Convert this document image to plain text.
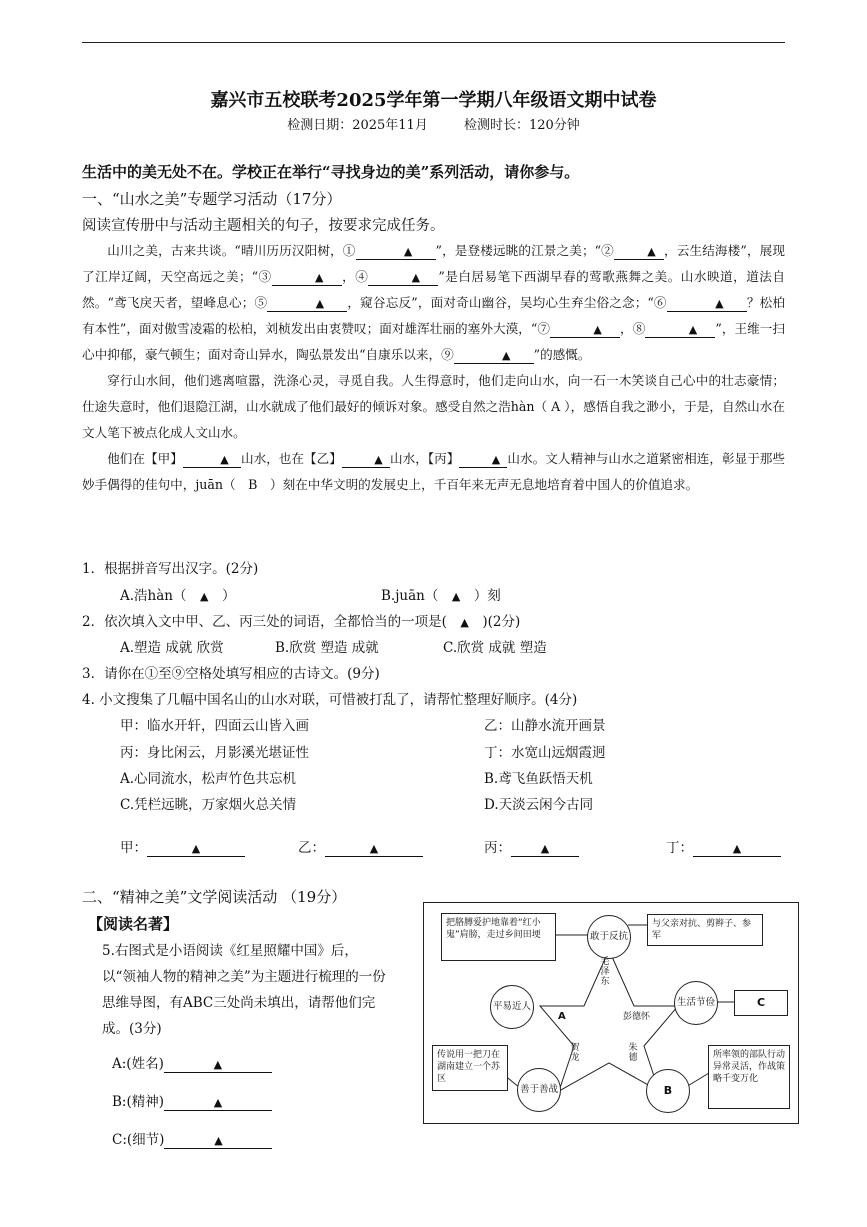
嘉兴市五校联考2025学年第一学期八年级语文期中试卷
检测日期：2025年11月	检测时长：120分钟
生活中的美无处不在。学校正在举行“寻找身边的美”系列活动，请你参与。
一、“山水之美”专题学习活动（17分）
阅读宣传册中与活动主题相关的句子，按要求完成任务。

山川之美，古来共谈。“晴川历历汉阳树，①	▲ ”，是登楼远眺的江景之美；“②	▲ ，云生结海楼”，展现了江岸辽阔，天空高远之美；“③	▲ ，④	▲ ”是白居易笔下西湖早春的莺歌燕舞之美。山水映道，道法自然。“鸢飞戾天者，望峰息心；⑤	▲ ，窥谷忘反”，面对奇山幽谷，吴均心生弃尘俗之念；“⑥	▲ ？松柏有本性”，面对傲雪凌霜的松柏，刘桢发出由衷赞叹；面对雄浑壮丽的塞外大漠，“⑦	▲ ，⑧	▲ ”，王维一扫心中抑郁，豪气顿生；面对奇山异水，陶弘景发出“自康乐以来，⑨	▲ ”的感慨。

穿行山水间，他们逃离喧嚣，洗涤心灵，寻觅自我。人生得意时，他们走向山水，向一石一木笑谈自己心中的壮志豪情；仕途失意时，他们退隐江湖，山水就成了他们最好的倾诉对象。感受自然之浩hàn（ A ），感悟自我之渺小，于是，自然山水在文人笔下被点化成人文山水。

他们在【甲】	▲ 山水，也在【乙】	▲ 山水，【丙】	▲ 山水。文人精神与山水之道紧密相连，彰显于那些妙手偶得的佳句中，juān（　B　）刻在中华文明的发展史上，千百年来无声无息地培育着中国人的价值追求。

1．根据拼音写出汉字。(2分)
A.浩hàn（　 ▲　）	B.juān（　 ▲　 ）刻
2．依次填入文中甲、乙、丙三处的词语，全都恰当的一项是(　 ▲　 )(2分)
A.塑造 成就 欣赏	B.欣赏 塑造 成就	C.欣赏 成就 塑造
3．请你在①至⑨空格处填写相应的古诗文。(9分)
4. 小文搜集了几幅中国名山的山水对联，可惜被打乱了，请帮忙整理好顺序。(4分)
甲：临水开轩，四面云山皆入画	乙：山静水流开画景
丙：身比闲云，月影溪光堪证性	丁：水宽山远烟霞迥
A.心同流水，松声竹色共忘机	B.鸢飞鱼跃悟天机
C.凭栏远眺，万家烟火总关情	D.天淡云闲今古同
甲：	▲	乙：	▲	丙：	▲	丁：	▲
二、“精神之美”文学阅读活动 （19分）
【阅读名著】
5.右图式是小语阅读《红星照耀中国》后，以“领袖人物的精神之美”为主题进行梳理的一份思维导图，有ABC三处尚未填出，请帮他们完成。(3分)
A:(姓名)	▲
B:(精神)	▲
C:(细节)	▲
把胳膊爱护地靠着“红小鬼”肩膀，走过乡间田埂	敢于反抗
与父亲对抗、剪辫子、参军
平易近人	生活节俭	C
传说用一把刀在湖南建立一个苏区
善于善战	B
所率领的部队行动异常灵活，作战策略千变万化
毛泽东
彭德怀
A
贺龙
朱德
